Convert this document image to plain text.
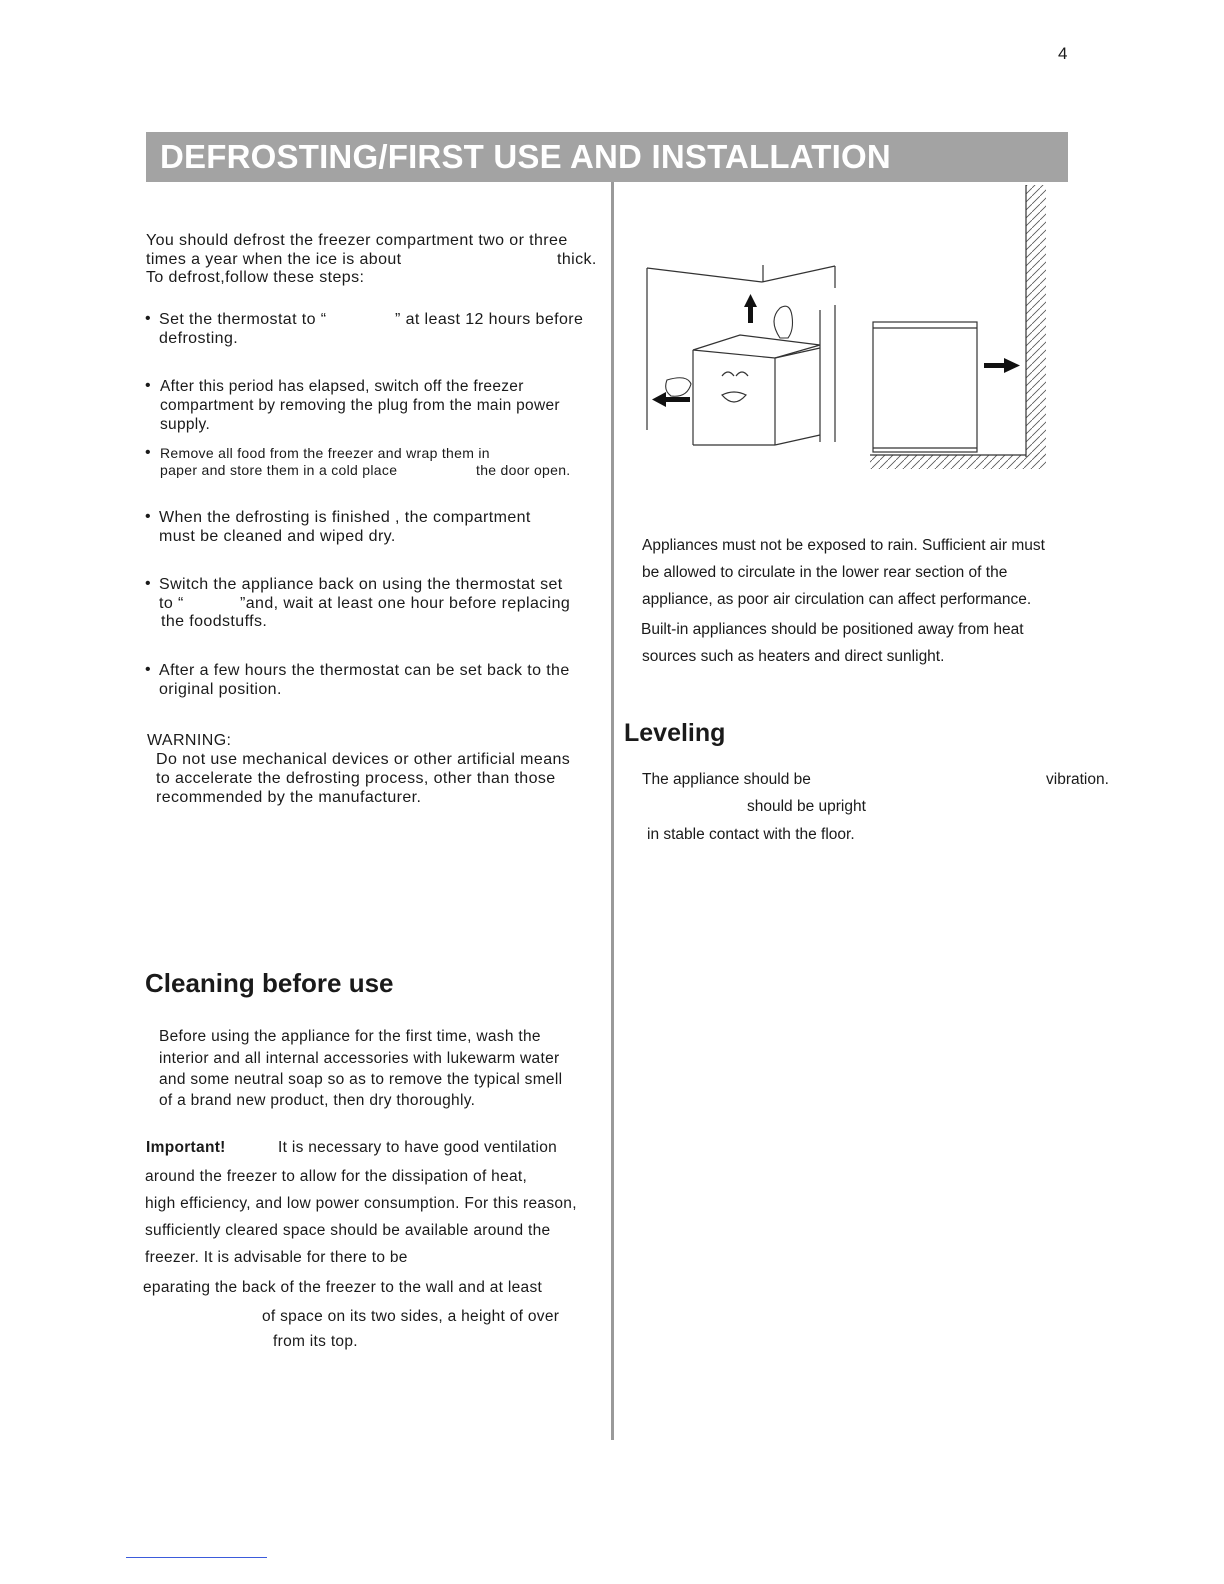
4
DEFROSTING/FIRST USE AND INSTALLATION
You should defrost the freezer compartment two or three
times a year when the ice is about	thick.
To defrost,follow these steps:
• Set the thermostat to “	” at least 12 hours before
defrosting.
• After this period has elapsed, switch off the freezer
compartment by removing the plug from the main power
supply.
• Remove all food from the freezer and wrap them in
paper and store them in a cold place	the door open.
• When the defrosting is finished , the compartment
must be cleaned and wiped dry.
• Switch the appliance back on using the thermostat set
to “	”and, wait at least one hour before replacing
the foodstuffs.
• After a few hours the thermostat can be set back to the
original position.
WARNING:
Do not use mechanical devices or other artificial means
to accelerate the defrosting process, other than those
recommended by the manufacturer.
Cleaning before use
Before using the appliance for the first time, wash the
interior and all internal accessories with lukewarm water
and some neutral soap so as to remove the typical smell
of a brand new product, then dry thoroughly.
Important!	It is necessary to have good ventilation
around the freezer to allow for the dissipation of heat,
high efficiency, and low power consumption. For this reason,
sufficiently cleared space should be available around the
freezer. It is advisable for there to be
eparating the back of the freezer to the wall and at least
of space on its two sides, a height of over
from its top.
Appliances must not be exposed to rain. Sufficient air must
be allowed to circulate in the lower rear section of the
appliance, as poor air circulation can affect performance.
Built-in appliances should be positioned away from heat
sources such as heaters and direct sunlight.
Leveling
The appliance should be	vibration.
should be upright
in stable contact with the floor.
